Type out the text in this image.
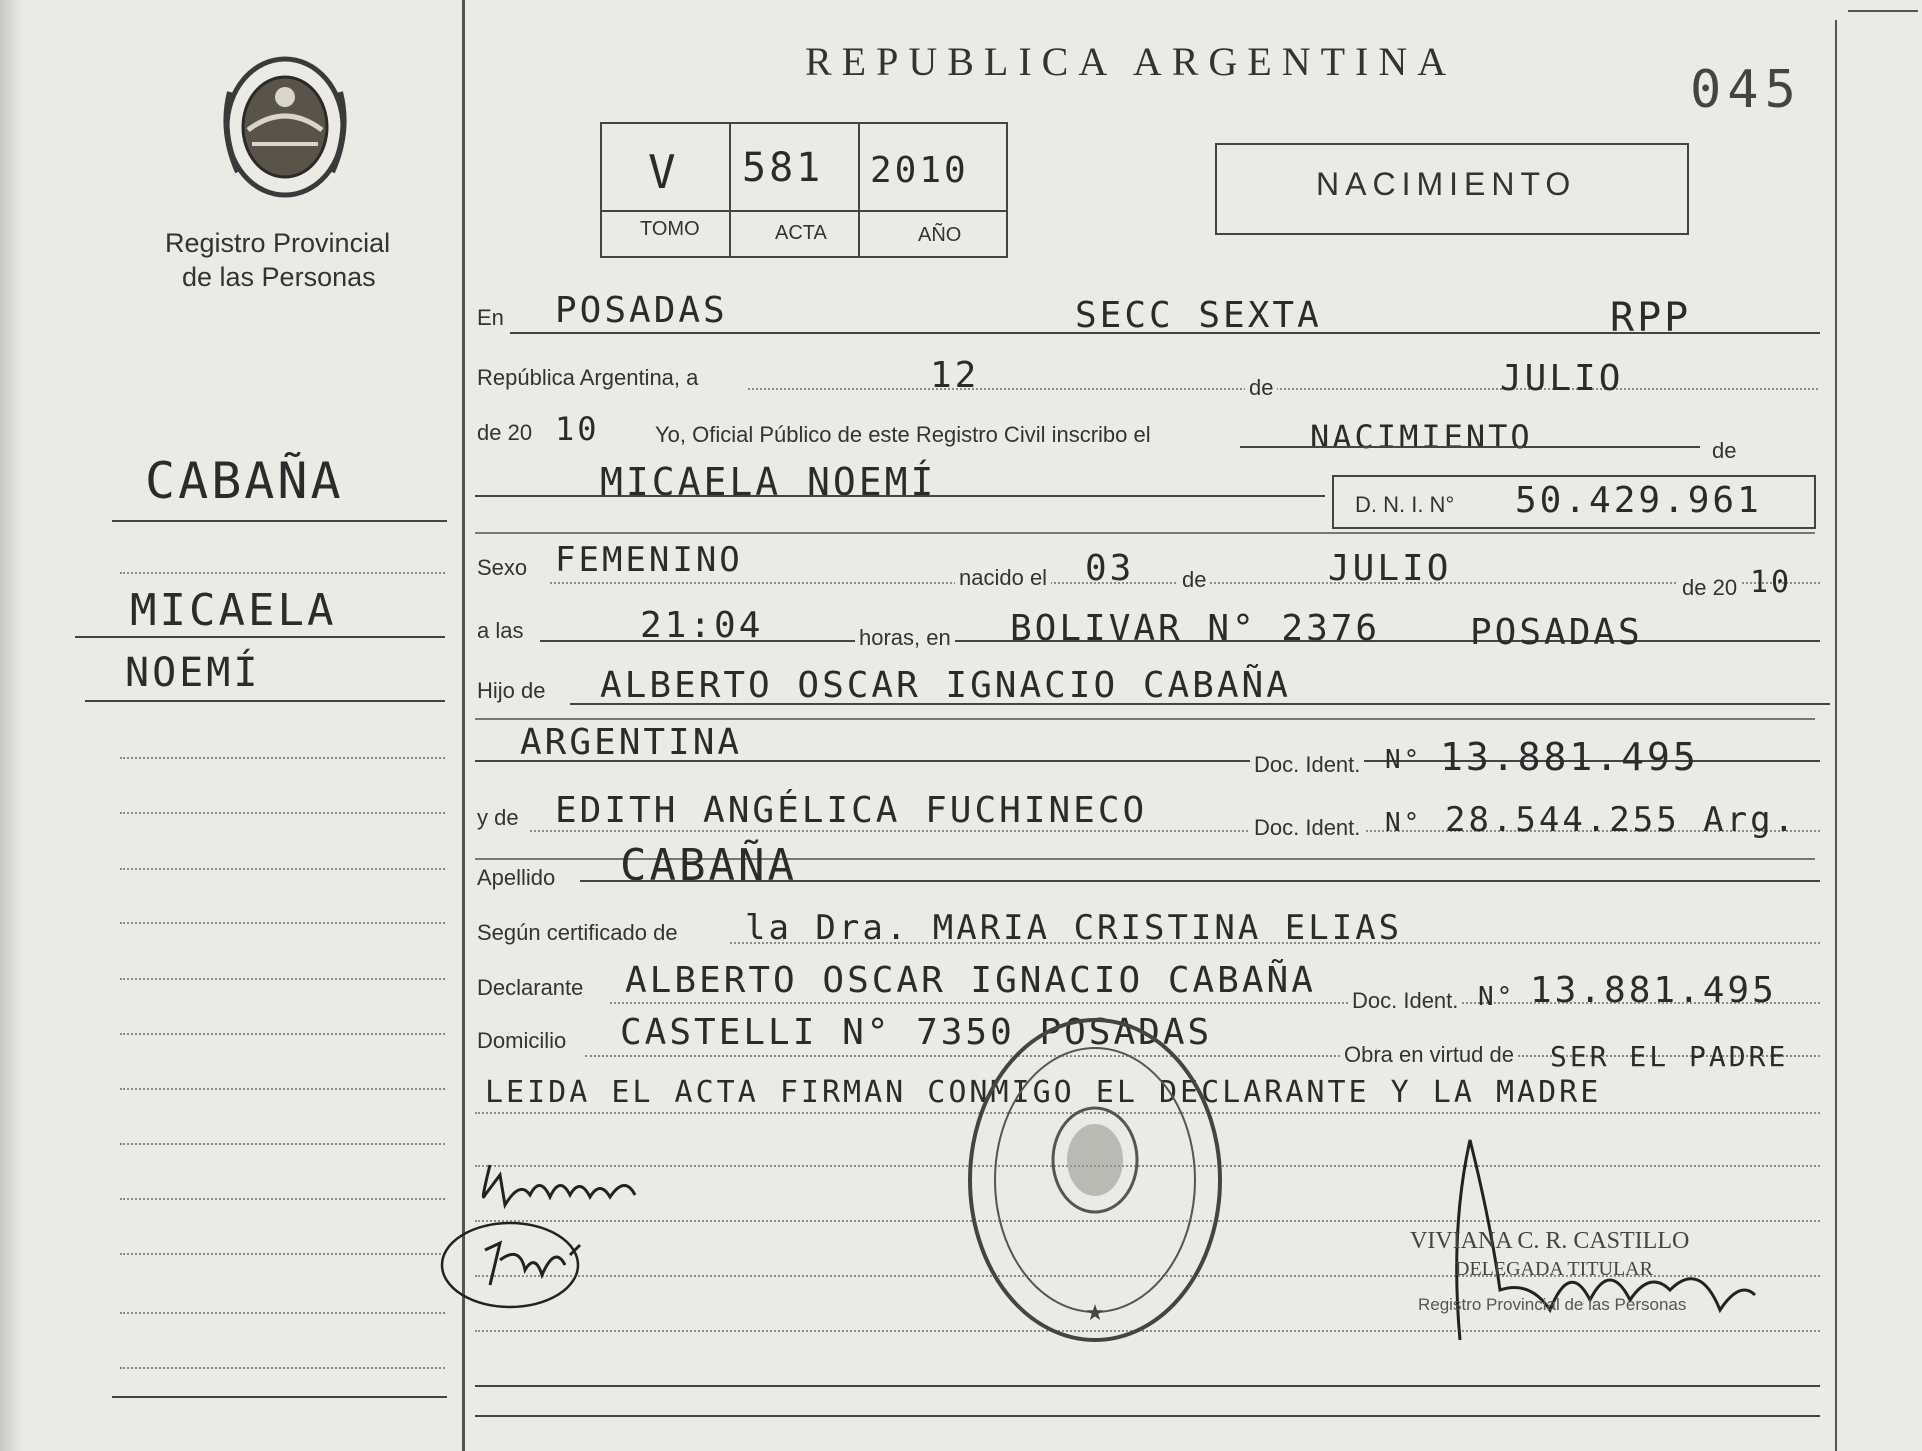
Registro Provincial
de las Personas
CABAÑA
MICAELA
NOEMÍ
REPUBLICA ARGENTINA	045
V 581 2010
TOMO	ACTA	AÑO
NACIMIENTO
En POSADAS	SECC SEXTA	RPP
República Argentina, a	12	de	JULIO
de 20 10	Yo, Oficial Público de este Registro Civil inscribo el	NACIMIENTO	de
MICAELA NOEMÍ
D. N. I. N° 50.429.961
Sexo FEMENINO	nacido el 03 de	JULIO	de 20 10
a las	21:04	horas, en BOLIVAR N° 2376 POSADAS
Hijo de ALBERTO OSCAR IGNACIO CABAÑA
ARGENTINA
Doc. Ident. N° 13.881.495
y de EDITH ANGÉLICA FUCHINECO	Doc. Ident. N° 28.544.255 Arg.
Apellido CABAÑA
Según certificado de la Dra. MARIA CRISTINA ELIAS
Declarante ALBERTO OSCAR IGNACIO CABAÑA Doc. Ident. N° 13.881.495
Domicilio CASTELLI N° 7350 POSADAS
Obra en virtud de SER EL PADRE
LEIDA EL ACTA FIRMAN CONMIGO EL DECLARANTE Y LA MADRE
★
VIVIANA C. R. CASTILLO
DELEGADA TITULAR
Registro Provincial de las Personas
